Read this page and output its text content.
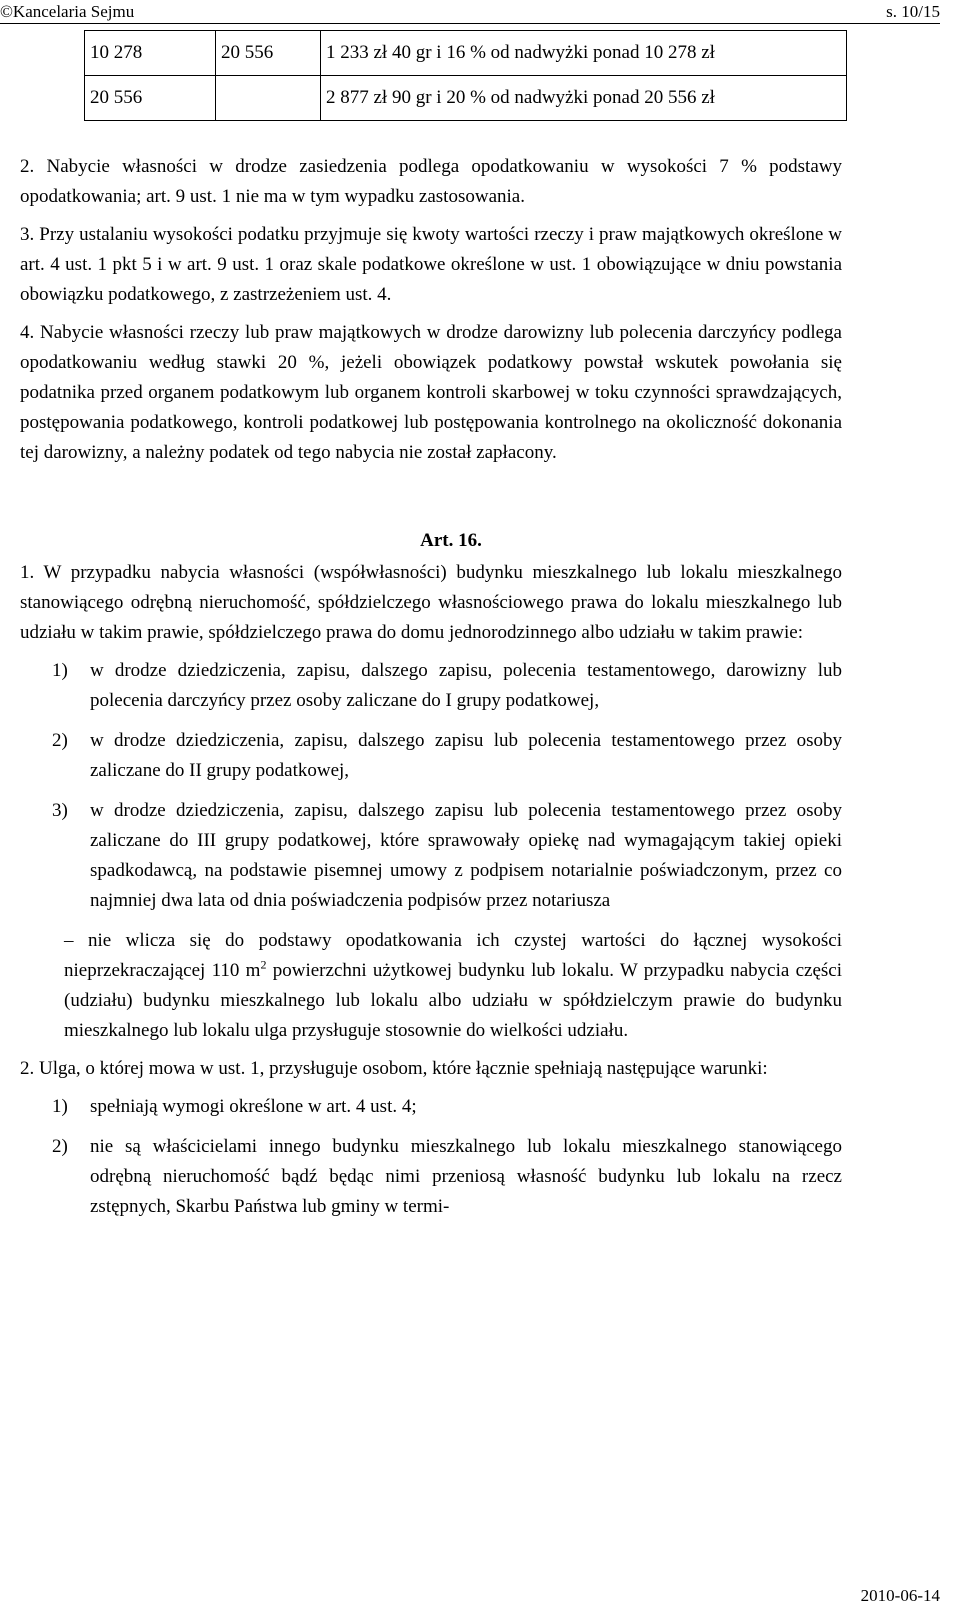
©Kancelaria Sejmu	s. 10/15
10 278	20 556	1 233 zł 40 gr i 16 % od nadwyżki ponad 10 278 zł
20 556		2 877 zł 90 gr i 20 % od nadwyżki ponad 20 556 zł

2. Nabycie własności w drodze zasiedzenia podlega opodatkowaniu w wysokości 7 % podstawy opodatkowania; art. 9 ust. 1 nie ma w tym wypadku zastosowania.

3. Przy ustalaniu wysokości podatku przyjmuje się kwoty wartości rzeczy i praw majątkowych określone w art. 4 ust. 1 pkt 5 i w art. 9 ust. 1 oraz skale podatkowe określone w ust. 1 obowiązujące w dniu powstania obowiązku podatkowego, z zastrzeżeniem ust. 4.

4. Nabycie własności rzeczy lub praw majątkowych w drodze darowizny lub polecenia darczyńcy podlega opodatkowaniu według stawki 20 %, jeżeli obowiązek podatkowy powstał wskutek powołania się podatnika przed organem podatkowym lub organem kontroli skarbowej w toku czynności sprawdzających, postępowania podatkowego, kontroli podatkowej lub postępowania kontrolnego na okoliczność dokonania tej darowizny, a należny podatek od tego nabycia nie został zapłacony.

Art. 16.

1. W przypadku nabycia własności (współwłasności) budynku mieszkalnego lub lokalu mieszkalnego stanowiącego odrębną nieruchomość, spółdzielczego własnościowego prawa do lokalu mieszkalnego lub udziału w takim prawie, spółdzielczego prawa do domu jednorodzinnego albo udziału w takim prawie:

1)	w drodze dziedziczenia, zapisu, dalszego zapisu, polecenia testamentowego, darowizny lub polecenia darczyńcy przez osoby zaliczane do I grupy podatkowej,
2)	w drodze dziedziczenia, zapisu, dalszego zapisu lub polecenia testamentowego przez osoby zaliczane do II grupy podatkowej,
3)	w drodze dziedziczenia, zapisu, dalszego zapisu lub polecenia testamentowego przez osoby zaliczane do III grupy podatkowej, które sprawowały opiekę nad wymagającym takiej opieki spadkodawcą, na podstawie pisemnej umowy z podpisem notarialnie poświadczonym, przez co najmniej dwa lata od dnia poświadczenia podpisów przez notariusza

– nie wlicza się do podstawy opodatkowania ich czystej wartości do łącznej wysokości nieprzekraczającej 110 $m^2$ powierzchni użytkowej budynku lub lokalu. W przypadku nabycia części (udziału) budynku mieszkalnego lub lokalu albo udziału w spółdzielczym prawie do budynku mieszkalnego lub lokalu ulga przysługuje stosownie do wielkości udziału.

2. Ulga, o której mowa w ust. 1, przysługuje osobom, które łącznie spełniają następujące warunki:

1)	spełniają wymogi określone w art. 4 ust. 4;
2)	nie są właścicielami innego budynku mieszkalnego lub lokalu mieszkalnego stanowiącego odrębną nieruchomość bądź będąc nimi przeniosą własność budynku lub lokalu na rzecz zstępnych, Skarbu Państwa lub gminy w termi-
2010-06-14
